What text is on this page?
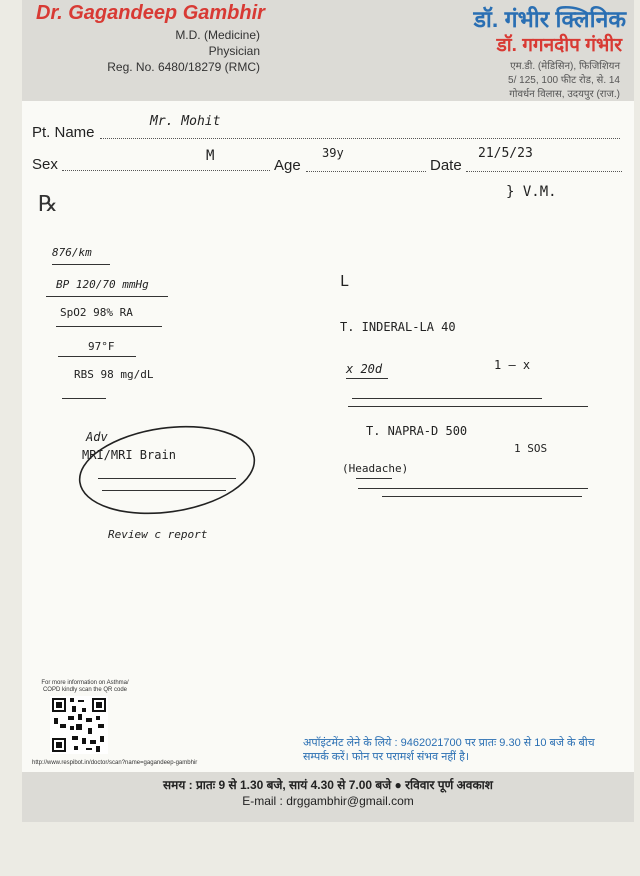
Dr. Gagandeep Gambhir
M.D. (Medicine)
Physician
Reg. No. 6480/18279 (RMC)
डॉ. गंभीर क्लिनिक
डॉ. गगनदीप गंभीर
एम.डी. (मेडिसिन), फिजिशियन
5/ 125, 100 फीट रोड, से. 14
गोवर्धन विलास, उदयपुर (राज.)
Pt. Name
Mr. Mohit
Sex	M
Age
39y
Date
21/5/23
℞	} V.M.
876/km
BP 120/70 mmHg
SpO2 98% RA
97°F
RBS 98 mg/dL
Adv
MRI/MRI Brain
Review c report
L
T. INDERAL-LA 40
x 20d	1 — x
T. NAPRA-D 500
1 SOS
(Headache)
For more information on Asthma/ COPD kindly scan the QR code
http://www.respibot.in/doctor/scan?name=gagandeep-gambhir
अपॉइंटमेंट लेने के लिये : 9462021700 पर प्रातः 9.30 से 10 बजे के बीच
सम्पर्क करें। फोन पर परामर्श संभव नहीं है।
समय : प्रातः 9 से 1.30 बजे, सायं 4.30 से 7.00 बजे ● रविवार पूर्ण अवकाश
E-mail : drggambhir@gmail.com
